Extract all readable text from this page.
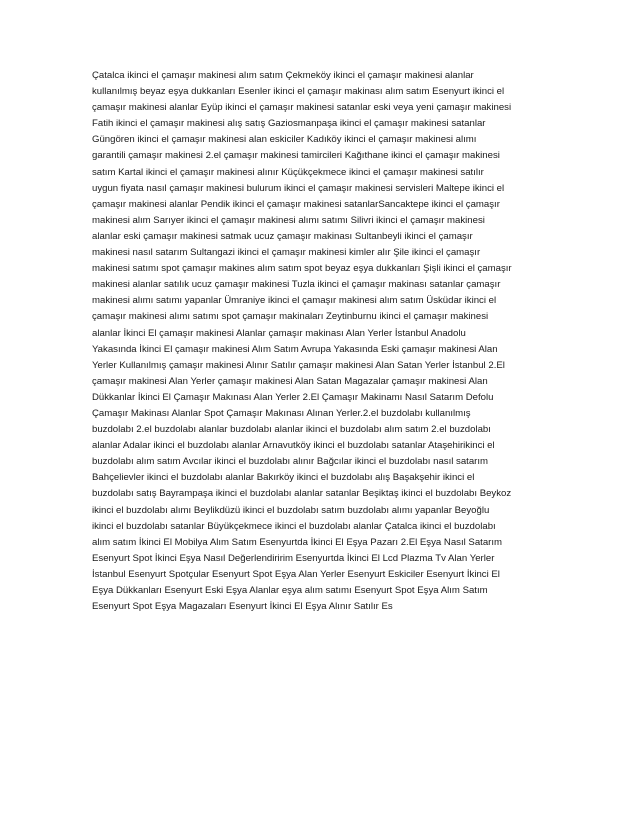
Çatalca ikinci el çamaşır makinesi alım satım Çekmeköy ikinci el çamaşır makinesi alanlar
kullanılmış beyaz eşya dukkanları Esenler ikinci el çamaşır makinası alım satım Esenyurt ikinci el
çamaşır makinesi alanlar Eyüp ikinci el çamaşır makinesi satanlar eski veya yeni çamaşır makinesi
Fatih ikinci el çamaşır makinesi alış satış Gaziosmanpaşa ikinci el çamaşır makinesi satanlar
Güngören ikinci el çamaşır makinesi alan eskiciler Kadıköy ikinci el çamaşır makinesi alımı
garantili çamaşır makinesi 2.el çamaşır makinesi tamircileri Kağıthane ikinci el çamaşır makinesi
satım Kartal ikinci el çamaşır makinesi alınır Küçükçekmece ikinci el çamaşır makinesi satılır
uygun fiyata nasıl çamaşır makinesi bulurum ikinci el çamaşır makinesi servisleri Maltepe ikinci el
çamaşır makinesi alanlar Pendik ikinci el çamaşır makinesi satanlarSancaktepe ikinci el çamaşır
makinesi alım Sarıyer ikinci el çamaşır makinesi alımı satımı Silivri ikinci el çamaşır makinesi
alanlar eski çamaşır makinesi satmak ucuz çamaşır makinası Sultanbeyli ikinci el çamaşır
makinesi nasıl satarım Sultangazi ikinci el çamaşır makinesi kimler alır Şile ikinci el çamaşır
makinesi satımı spot çamaşır makines alım satım spot beyaz eşya dukkanları Şişli ikinci el çamaşır
makinesi alanlar satılık ucuz çamaşır makinesi Tuzla ikinci el çamaşır makinası satanlar çamaşır
makinesi alımı satımı yapanlar Ümraniye ikinci el çamaşır makinesi alım satım Üsküdar ikinci el
çamaşır makinesi alımı satımı spot çamaşır makinaları Zeytinburnu ikinci el çamaşır makinesi
alanlar İkinci El çamaşır makinesi Alanlar çamaşır makinası Alan Yerler İstanbul Anadolu
Yakasında İkinci El çamaşır makinesi Alım Satım Avrupa Yakasında Eski çamaşır makinesi Alan
Yerler Kullanılmış çamaşır makinesi Alınır Satılır çamaşır makinesi Alan Satan Yerler İstanbul 2.El
çamaşır makinesi Alan Yerler çamaşır makinesi Alan Satan Magazalar çamaşır makinesi Alan
Dükkanlar İkinci El Çamaşır Makınası Alan Yerler 2.El Çamaşır Makinamı Nasıl Satarım Defolu
Çamaşır Makinası Alanlar Spot Çamaşır Makınası Alınan Yerler.2.el buzdolabı kullanılmış
buzdolabı 2.el buzdolabı alanlar buzdolabı alanlar ikinci el buzdolabı alım satım 2.el buzdolabı
alanlar Adalar ikinci el buzdolabı alanlar Arnavutköy ikinci el buzdolabı satanlar Ataşehirikinci el
buzdolabı alım satım Avcılar ikinci el buzdolabı alınır Bağcılar ikinci el buzdolabı nasıl satarım
Bahçelievler ikinci el buzdolabı alanlar Bakırköy ikinci el buzdolabı alış Başakşehir ikinci el
buzdolabı satış Bayrampaşa ikinci el buzdolabı alanlar satanlar Beşiktaş ikinci el buzdolabı Beykoz
ikinci el buzdolabı alımı Beylikdüzü ikinci el buzdolabı satım buzdolabı alımı yapanlar Beyoğlu
ikinci el buzdolabı satanlar Büyükçekmece ikinci el buzdolabı alanlar Çatalca ikinci el buzdolabı
alım satım İkinci El Mobilya Alım Satım Esenyurtda İkinci El Eşya Pazarı 2.El Eşya Nasıl Satarım
Esenyurt Spot İkinci Eşya Nasıl Değerlendiririm Esenyurtda İkinci El Lcd Plazma Tv Alan Yerler
İstanbul Esenyurt Spotçular Esenyurt Spot Eşya Alan Yerler Esenyurt Eskiciler Esenyurt İkinci El
Eşya Dükkanları Esenyurt Eski Eşya Alanlar eşya alım satımı Esenyurt Spot Eşya Alım Satım
Esenyurt Spot Eşya Magazaları Esenyurt İkinci El Eşya Alınır Satılır Es
